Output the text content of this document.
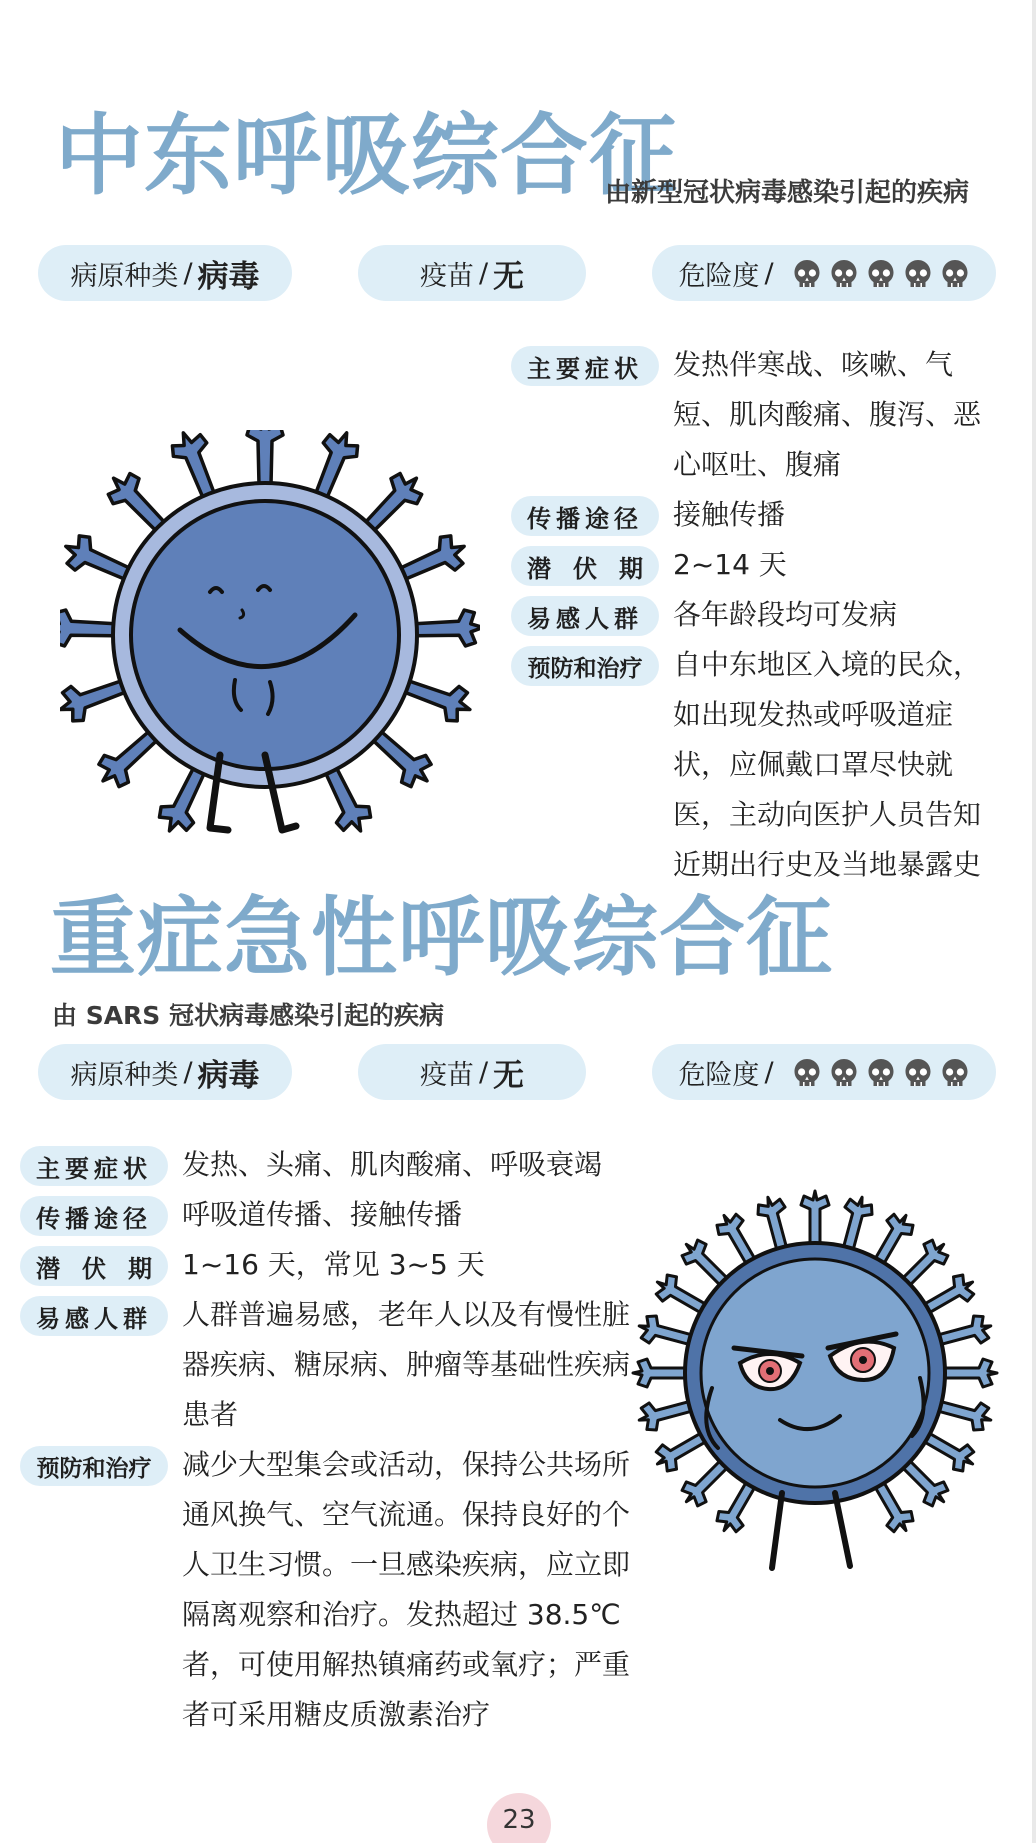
中东呼吸综合征
由新型冠状病毒感染引起的疾病
病原种类 / 病毒	疫苗 / 无	危险度 /
主要症状	发热伴寒战、咳嗽、气短、肌肉酸痛、腹泻、恶心呕吐、腹痛
传播途径	接触传播
潜伏期 2~14 天
易感人群	各年龄段均可发病
预防和治疗	自中东地区入境的民众，如出现发热或呼吸道症状，应佩戴口罩尽快就医，主动向医护人员告知近期出行史及当地暴露史
重症急性呼吸综合征
由 SARS 冠状病毒感染引起的疾病
病原种类 / 病毒	疫苗 / 无	危险度 /
主要症状	发热、头痛、肌肉酸痛、呼吸衰竭
传播途径	呼吸道传播、接触传播
潜伏期 1~16 天，常见 3~5 天
易感人群	人群普遍易感，老年人以及有慢性脏器疾病、糖尿病、肿瘤等基础性疾病患者
预防和治疗	减少大型集会或活动，保持公共场所通风换气、空气流通。保持良好的个人卫生习惯。一旦感染疾病，应立即隔离观察和治疗。发热超过 38.5℃者，可使用解热镇痛药或氧疗；严重者可采用糖皮质激素治疗
23
